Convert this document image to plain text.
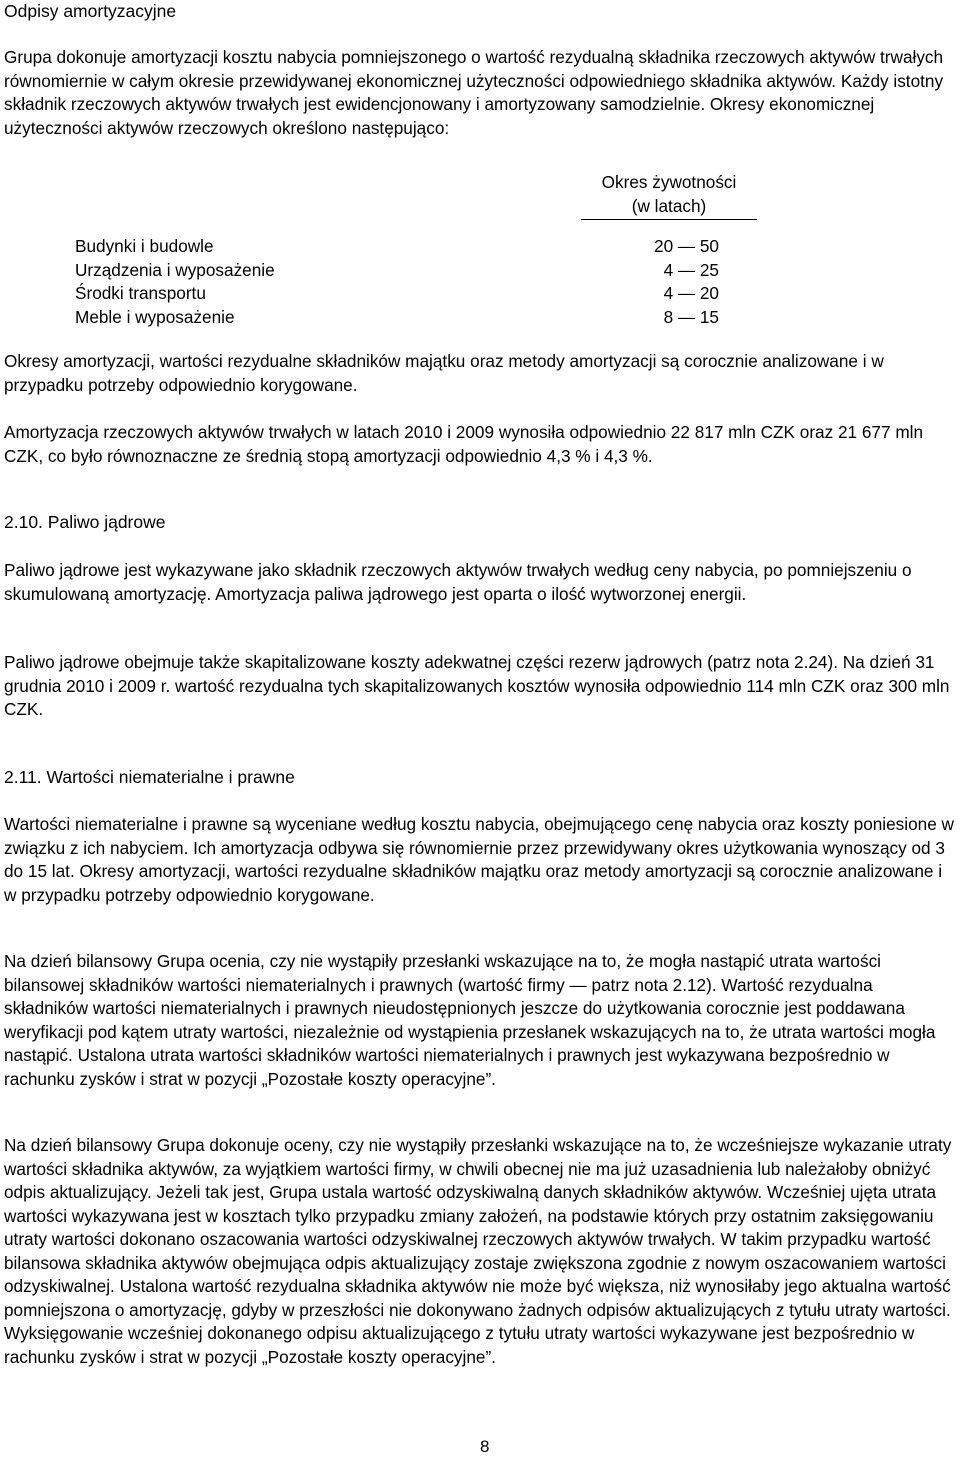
Odpisy amortyzacyjne

Grupa dokonuje amortyzacji kosztu nabycia pomniejszonego o wartość rezydualną składnika rzeczowych aktywów trwałych równomiernie w całym okresie przewidywanej ekonomicznej użyteczności odpowiedniego składnika aktywów. Każdy istotny składnik rzeczowych aktywów trwałych jest ewidencjonowany i amortyzowany samodzielnie. Okresy ekonomicznej użyteczności aktywów rzeczowych określono następująco:

Okres żywotności
(w latach)
Budynki i budowle	20 — 50
Urządzenia i wyposażenie	4 — 25
Środki transportu	4 — 20
Meble i wyposażenie	8 — 15

Okresy amortyzacji, wartości rezydualne składników majątku oraz metody amortyzacji są corocznie analizowane i w przypadku potrzeby odpowiednio korygowane.

Amortyzacja rzeczowych aktywów trwałych w latach 2010 i 2009 wynosiła odpowiednio 22 817 mln CZK oraz 21 677 mln CZK, co było równoznaczne ze średnią stopą amortyzacji odpowiednio 4,3 % i 4,3 %.

2.10. Paliwo jądrowe

Paliwo jądrowe jest wykazywane jako składnik rzeczowych aktywów trwałych według ceny nabycia, po pomniejszeniu o skumulowaną amortyzację. Amortyzacja paliwa jądrowego jest oparta o ilość wytworzonej energii.

Paliwo jądrowe obejmuje także skapitalizowane koszty adekwatnej części rezerw jądrowych (patrz nota 2.24). Na dzień 31 grudnia 2010 i 2009 r. wartość rezydualna tych skapitalizowanych kosztów wynosiła odpowiednio 114 mln CZK oraz 300 mln CZK.

2.11. Wartości niematerialne i prawne

Wartości niematerialne i prawne są wyceniane według kosztu nabycia, obejmującego cenę nabycia oraz koszty poniesione w związku z ich nabyciem. Ich amortyzacja odbywa się równomiernie przez przewidywany okres użytkowania wynoszący od 3 do 15 lat. Okresy amortyzacji, wartości rezydualne składników majątku oraz metody amortyzacji są corocznie analizowane i w przypadku potrzeby odpowiednio korygowane.

Na dzień bilansowy Grupa ocenia, czy nie wystąpiły przesłanki wskazujące na to, że mogła nastąpić utrata wartości bilansowej składników wartości niematerialnych i prawnych (wartość firmy — patrz nota 2.12). Wartość rezydualna składników wartości niematerialnych i prawnych nieudostępnionych jeszcze do użytkowania corocznie jest poddawana weryfikacji pod kątem utraty wartości, niezależnie od wystąpienia przesłanek wskazujących na to, że utrata wartości mogła nastąpić. Ustalona utrata wartości składników wartości niematerialnych i prawnych jest wykazywana bezpośrednio w rachunku zysków i strat w pozycji „Pozostałe koszty operacyjne”.

Na dzień bilansowy Grupa dokonuje oceny, czy nie wystąpiły przesłanki wskazujące na to, że wcześniejsze wykazanie utraty wartości składnika aktywów, za wyjątkiem wartości firmy, w chwili obecnej nie ma już uzasadnienia lub należałoby obniżyć odpis aktualizujący. Jeżeli tak jest, Grupa ustala wartość odzyskiwalną danych składników aktywów. Wcześniej ujęta utrata wartości wykazywana jest w kosztach tylko przypadku zmiany założeń, na podstawie których przy ostatnim zaksięgowaniu utraty wartości dokonano oszacowania wartości odzyskiwalnej rzeczowych aktywów trwałych. W takim przypadku wartość bilansowa składnika aktywów obejmująca odpis aktualizujący zostaje zwiększona zgodnie z nowym oszacowaniem wartości odzyskiwalnej. Ustalona wartość rezydualna składnika aktywów nie może być większa, niż wynosiłaby jego aktualna wartość pomniejszona o amortyzację, gdyby w przeszłości nie dokonywano żadnych odpisów aktualizujących z tytułu utraty wartości. Wyksięgowanie wcześniej dokonanego odpisu aktualizującego z tytułu utraty wartości wykazywane jest bezpośrednio w rachunku zysków i strat w pozycji „Pozostałe koszty operacyjne”.

8
